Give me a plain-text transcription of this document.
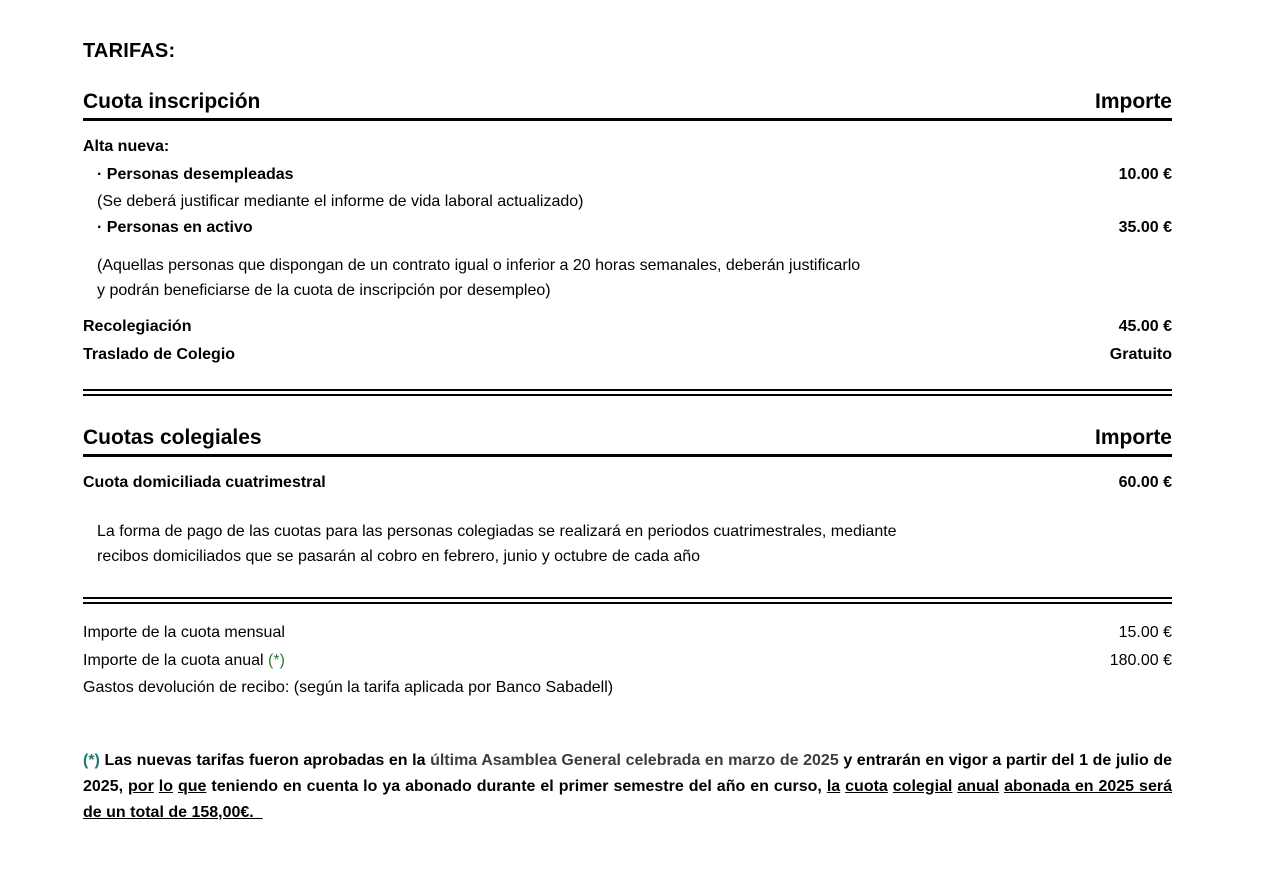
TARIFAS:
Cuota inscripción	Importe
Alta nueva:
· Personas desempleadas	10.00 €
(Se deberá justificar mediante el informe de vida laboral actualizado)
· Personas en activo	35.00 €
(Aquellas personas que dispongan de un contrato igual o inferior a 20 horas semanales, deberán justificarlo y podrán beneficiarse de la cuota de inscripción por desempleo)
Recolegiación	45.00 €
Traslado de Colegio	Gratuito
Cuotas colegiales	Importe
Cuota domiciliada cuatrimestral	60.00 €
La forma de pago de las cuotas para las personas colegiadas se realizará en periodos cuatrimestrales, mediante recibos domiciliados que se pasarán al cobro en febrero, junio y octubre de cada año
Importe de la cuota mensual	15.00 €
Importe de la cuota anual (*)	180.00 €
Gastos devolución de recibo: (según la tarifa aplicada por Banco Sabadell)
(*) Las nuevas tarifas fueron aprobadas en la última Asamblea General celebrada en marzo de 2025 y entrarán en vigor a partir del 1 de julio de 2025, por lo que teniendo en cuenta lo ya abonado durante el primer semestre del año en curso, la cuota colegial anual abonada en 2025 será de un total de 158,00€.
